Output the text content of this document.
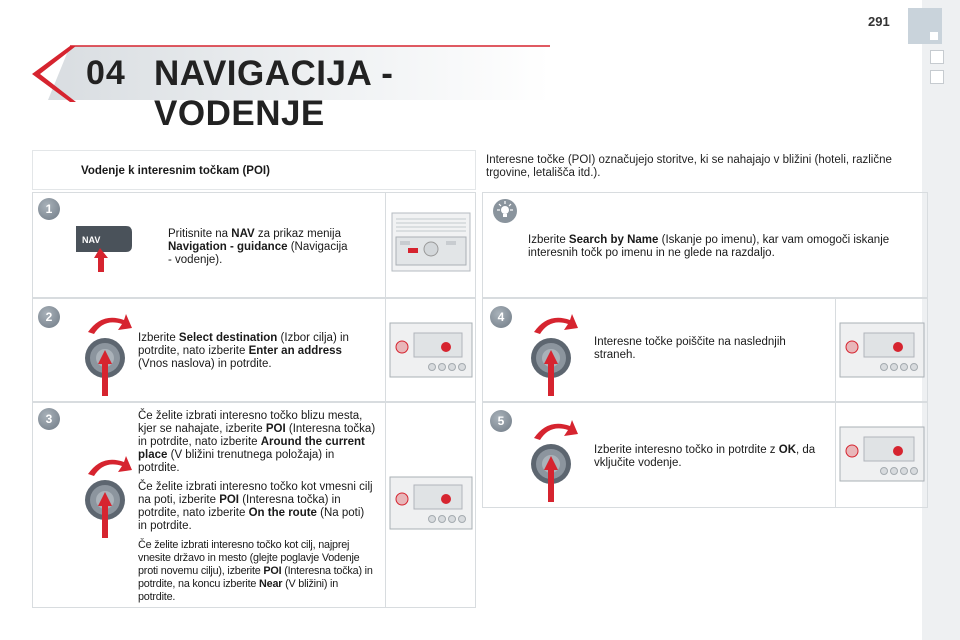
291
04 NAVIGACIJA - VODENJE
Vodenje k interesnim točkam (POI)
Interesne točke (POI) označujejo storitve, ki se nahajajo v bližini (hoteli, različne trgovine, letališča itd.).
1
NAV	Pritisnite na NAV za prikaz menija Navigation - guidance (Navigacija - vodenje).
2
Izberite Select destination (Izbor cilja) in potrdite, nato izberite Enter an address (Vnos naslova) in potrdite.
3	Če želite izbrati interesno točko blizu mesta, kjer se nahajate, izberite POI (Interesna točka) in potrdite, nato izberite Around the current place (V bližini trenutnega položaja) in potrdite.
Če želite izbrati interesno točko kot vmesni cilj na poti, izberite POI (Interesna točka) in potrdite, nato izberite On the route (Na poti) in potrdite.
Če želite izbrati interesno točko kot cilj, najprej vnesite državo in mesto (glejte poglavje Vodenje proti novemu cilju), izberite POI (Interesna točka) in potrdite, na koncu izberite Near (V bližini) in potrdite.
Izberite Search by Name (Iskanje po imenu), kar vam omogoči iskanje interesnih točk po imenu in ne glede na razdaljo.
4
Interesne točke poiščite na naslednjih straneh.
5
Izberite interesno točko in potrdite z OK, da vključite vodenje.
